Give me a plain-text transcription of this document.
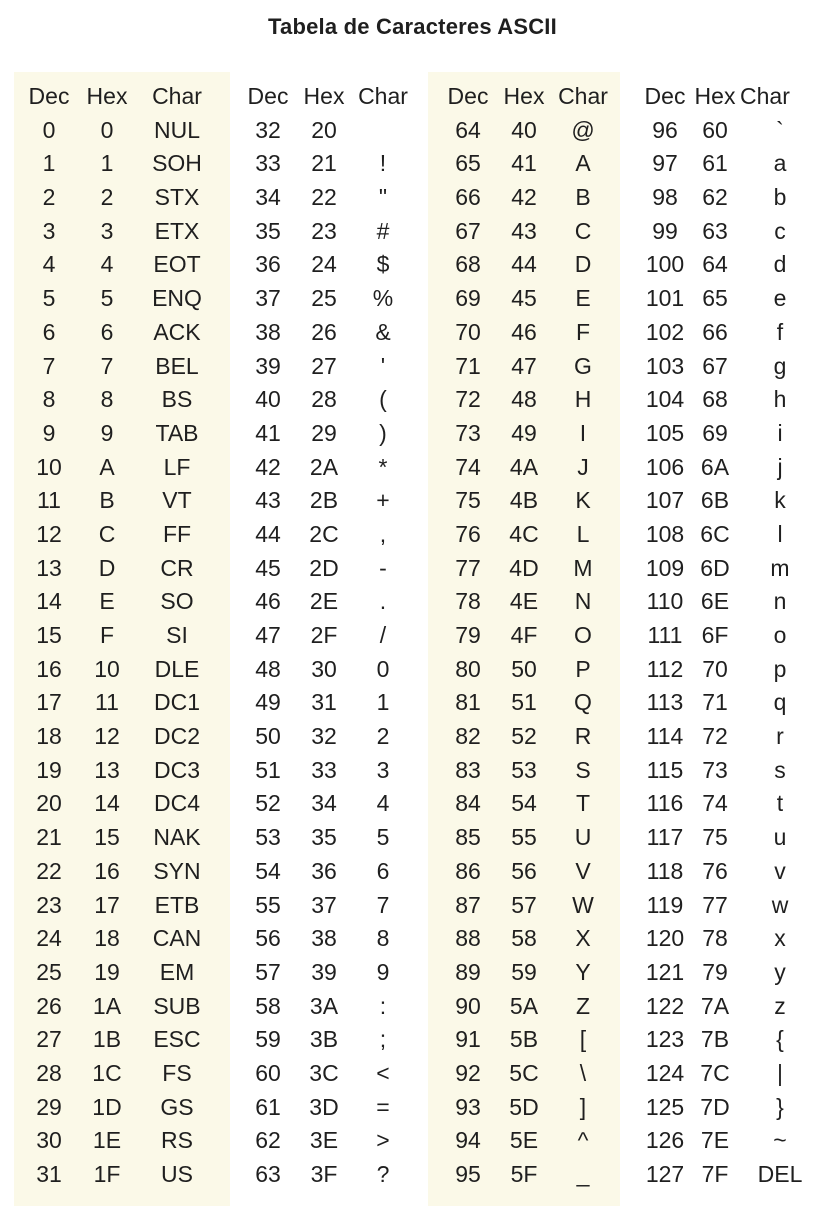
Tabela de Caracteres ASCII
Dec Hex	Char
0	0	NUL
1	1	SOH
2	2	STX
3	3	ETX
4	4	EOT
5	5	ENQ
6	6	ACK
7	7	BEL
8	8	BS
9	9	TAB
10	A	LF
11	B	VT
12	C	FF
13	D	CR
14	E	SO
15	F	SI
16	10	DLE
17	11	DC1
18	12	DC2
19	13	DC3
20	14	DC4
21	15	NAK
22	16	SYN
23	17	ETB
24	18	CAN
25	19	EM
26	1A	SUB
27	1B	ESC
28	1C	FS
29	1D	GS
30	1E	RS
31	1F	US
Dec Hex Char
32	20
33	21	!
34	22	"
35	23	#
36	24	$
37	25	%
38	26	&
39	27	'
40	28	(
41	29	)
42	2A	*
43	2B	+
44	2C	,
45	2D	-
46	2E	.
47	2F	/
48	30	0
49	31	1
50	32	2
51	33	3
52	34	4
53	35	5
54	36	6
55	37	7
56	38	8
57	39	9
58	3A	:
59	3B	;
60	3C	<
61	3D	=
62	3E	>
63	3F	?
Dec Hex Char
64	40	@
65	41	A
66	42	B
67	43	C
68	44	D
69	45	E
70	46	F
71	47	G
72	48	H
73	49	I
74	4A	J
75	4B	K
76	4C	L
77	4D	M
78	4E	N
79	4F	O
80	50	P
81	51	Q
82	52	R
83	53	S
84	54	T
85	55	U
86	56	V
87	57	W
88	58	X
89	59	Y
90	5A	Z
91	5B	[
92	5C	\
93	5D	]
94	5E	^
95	5F	_
Dec Hex Char
96	60	`
97	61	a
98	62	b
99	63	c
100 64	d
101 65	e
102 66	f
103 67	g
104 68	h
105 69	i
106 6A	j
107 6B	k
108 6C	l
109 6D	m
110 6E	n
111 6F	o
112 70	p
113 71	q
114 72	r
115 73	s
116 74	t
117 75	u
118 76	v
119 77	w
120 78	x
121 79	y
122 7A	z
123 7B	{
124 7C	|
125 7D	}
126 7E	~
127 7F	DEL
